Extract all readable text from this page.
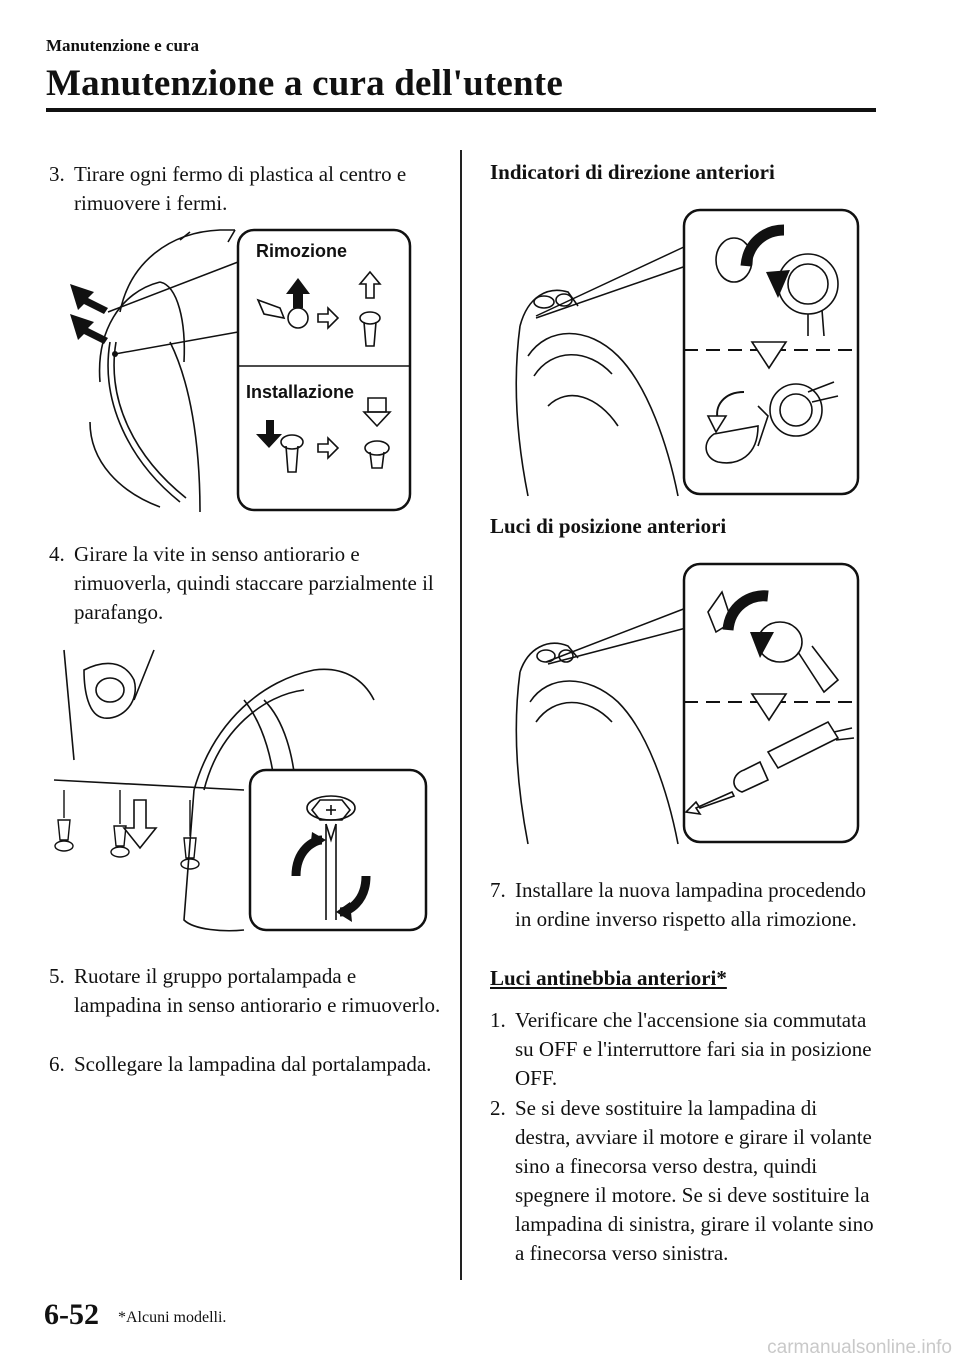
Manutenzione e cura
Manutenzione a cura dell'utente
3. Tirare ogni fermo di plastica al centro e rimuovere i fermi.
Rimozione
Installazione
4. Girare la vite in senso antiorario e rimuoverla, quindi staccare parzialmente il parafango.
5. Ruotare il gruppo portalampada e lampadina in senso antiorario e rimuoverlo.
6. Scollegare la lampadina dal portalampada.
Indicatori di direzione anteriori
Luci di posizione anteriori
7. Installare la nuova lampadina procedendo in ordine inverso rispetto alla rimozione.
Luci antinebbia anteriori*
1. Verificare che l'accensione sia commutata su OFF e l'interruttore fari sia in posizione OFF.
2. Se si deve sostituire la lampadina di destra, avviare il motore e girare il volante sino a finecorsa verso destra, quindi spegnere il motore. Se si deve sostituire la lampadina di sinistra, girare il volante sino a finecorsa verso sinistra.
6-52 *Alcuni modelli.
carmanualsonline.info
